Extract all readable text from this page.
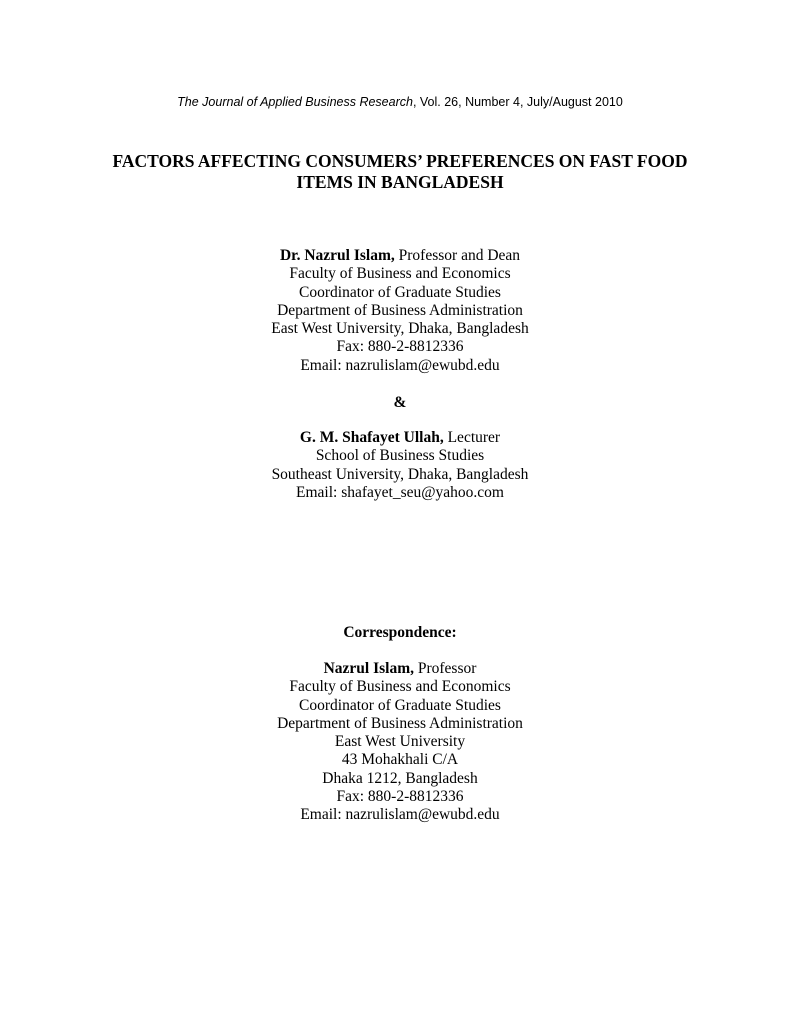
The Journal of Applied Business Research, Vol. 26, Number 4, July/August 2010
FACTORS AFFECTING CONSUMERS’ PREFERENCES ON FAST FOOD
ITEMS IN BANGLADESH
Dr. Nazrul Islam, Professor and Dean
Faculty of Business and Economics
Coordinator of Graduate Studies
Department of Business Administration
East West University, Dhaka, Bangladesh
Fax: 880-2-8812336
Email: nazrulislam@ewubd.edu
&
G. M. Shafayet Ullah, Lecturer
School of Business Studies
Southeast University, Dhaka, Bangladesh
Email: shafayet_seu@yahoo.com
Correspondence:
Nazrul Islam, Professor
Faculty of Business and Economics
Coordinator of Graduate Studies
Department of Business Administration
East West University
43 Mohakhali C/A
Dhaka 1212, Bangladesh
Fax: 880-2-8812336
Email: nazrulislam@ewubd.edu
